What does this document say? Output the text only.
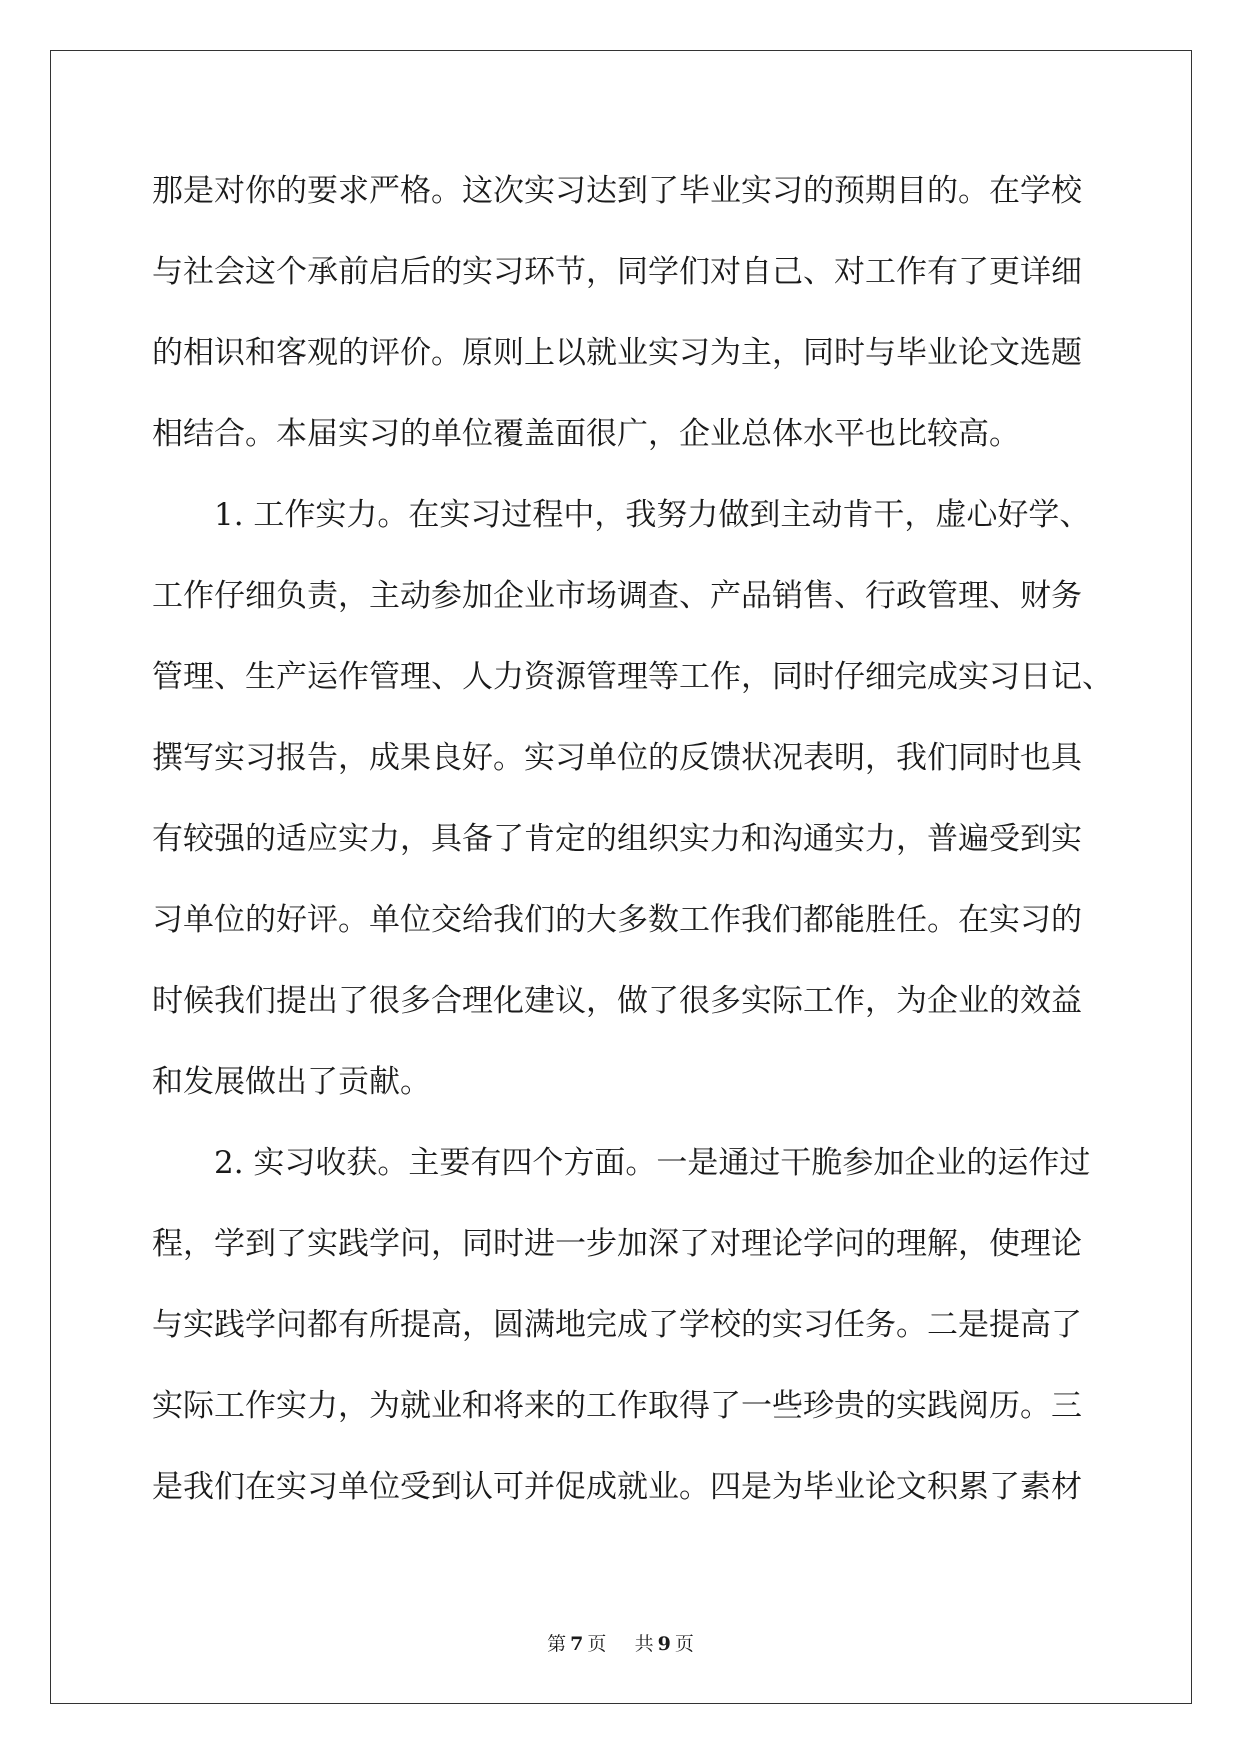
那是对你的要求严格。这次实习达到了毕业实习的预期目的。在学校
与社会这个承前启后的实习环节，同学们对自己、对工作有了更详细
的相识和客观的评价。原则上以就业实习为主，同时与毕业论文选题
相结合。本届实习的单位覆盖面很广，企业总体水平也比较高。
1. 工作实力。在实习过程中，我努力做到主动肯干，虚心好学、
工作仔细负责，主动参加企业市场调查、产品销售、行政管理、财务
管理、生产运作管理、人力资源管理等工作，同时仔细完成实习日记、
撰写实习报告，成果良好。实习单位的反馈状况表明，我们同时也具
有较强的适应实力，具备了肯定的组织实力和沟通实力，普遍受到实
习单位的好评。单位交给我们的大多数工作我们都能胜任。在实习的
时候我们提出了很多合理化建议，做了很多实际工作，为企业的效益
和发展做出了贡献。
2. 实习收获。主要有四个方面。一是通过干脆参加企业的运作过
程，学到了实践学问，同时进一步加深了对理论学问的理解，使理论
与实践学问都有所提高，圆满地完成了学校的实习任务。二是提高了
实际工作实力，为就业和将来的工作取得了一些珍贵的实践阅历。三
是我们在实习单位受到认可并促成就业。四是为毕业论文积累了素材
第 7 页 共 9 页
